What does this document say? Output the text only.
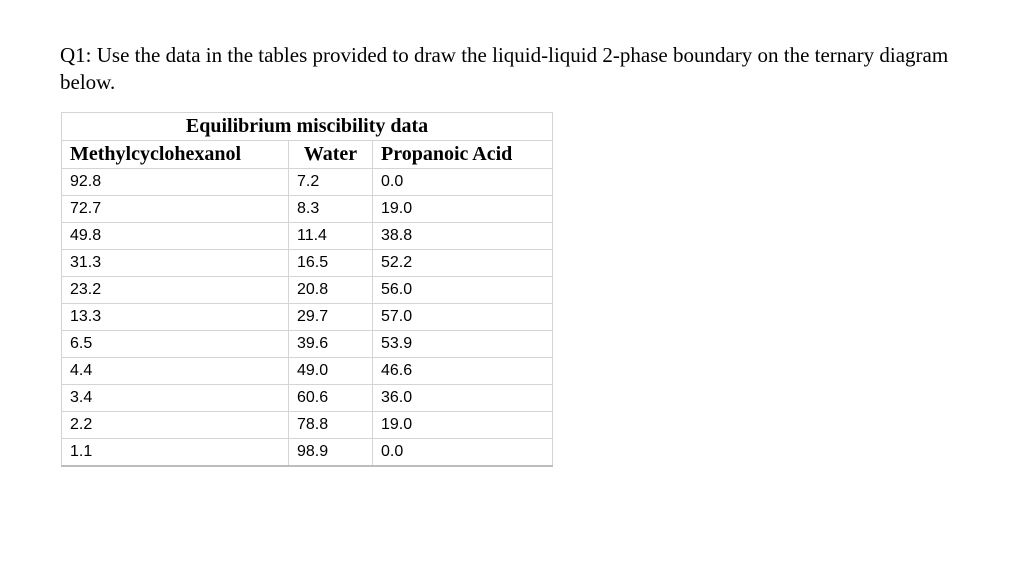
Q1: Use the data in the tables provided to draw the liquid-liquid 2-phase boundary on the ternary diagram below.

Equilibrium miscibility data		
Methylcyclohexanol	Water	Propanoic Acid
92.8	7.2	0.0
72.7	8.3	19.0
49.8	11.4	38.8
31.3	16.5	52.2
23.2	20.8	56.0
13.3	29.7	57.0
6.5	39.6	53.9
4.4	49.0	46.6
3.4	60.6	36.0
2.2	78.8	19.0
1.1	98.9	0.0
